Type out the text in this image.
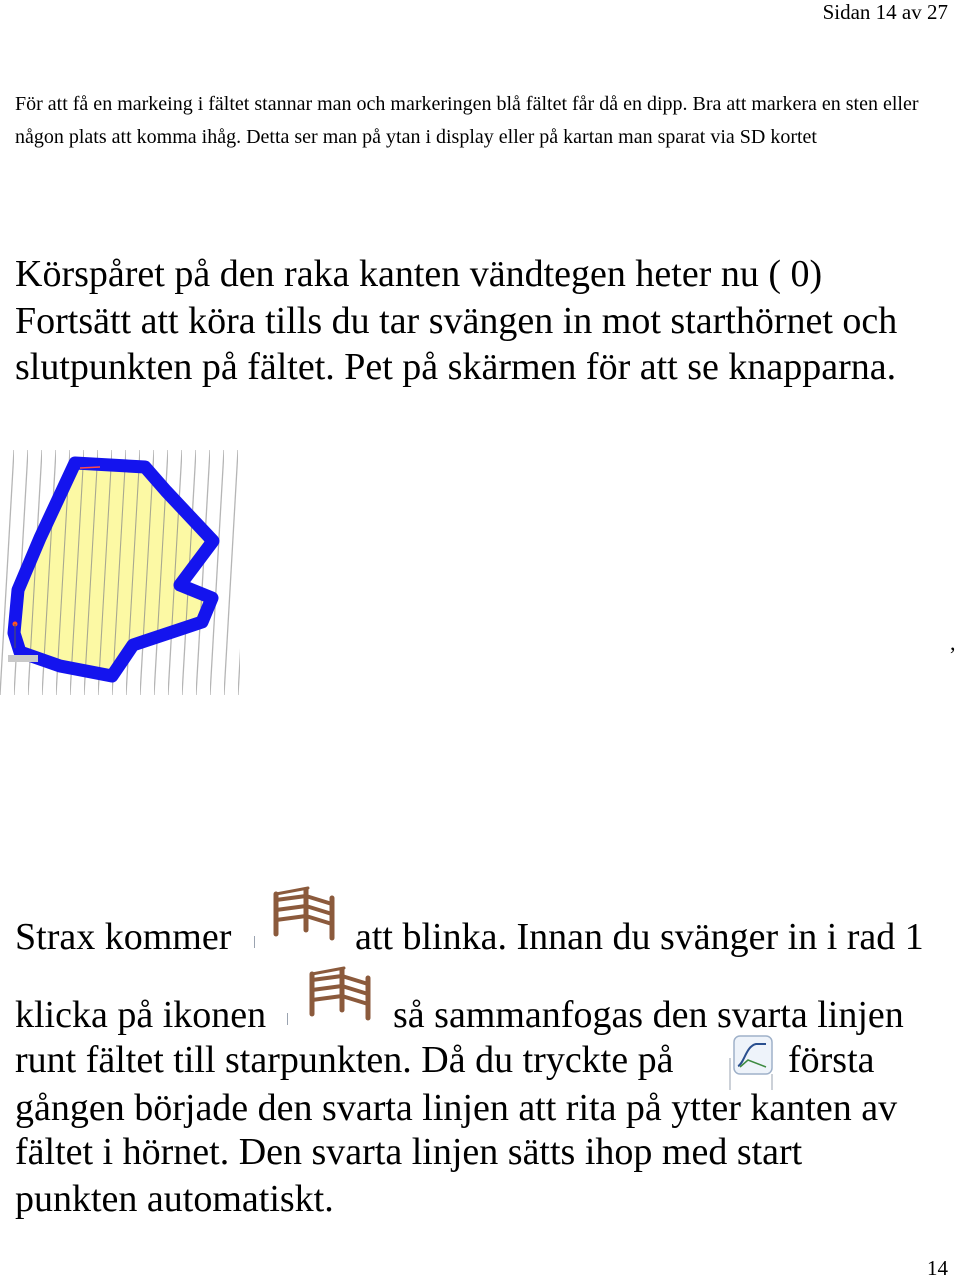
Sidan 14 av 27

För att få en markeing i fältet stannar man och markeringen blå fältet får då en dipp. Bra att markera en sten eller någon plats att komma ihåg. Detta ser man på ytan i display eller på kartan man sparat via SD kortet

Körspåret på den raka kanten vändtegen heter nu ( 0)
Fortsätt att köra tills du tar svängen in mot starthörnet och
slutpunkten på fältet. Pet på skärmen för att se knapparna.
,
Strax kommer	att blinka. Innan du svänger in i rad 1
klicka på ikonen	så sammanfogas den svarta linjen
runt fältet till starpunkten. Då du tryckte på	första
gången började den svarta linjen att rita på ytter kanten av
fältet i hörnet. Den svarta linjen sätts ihop med start
punkten automatiskt.
14
